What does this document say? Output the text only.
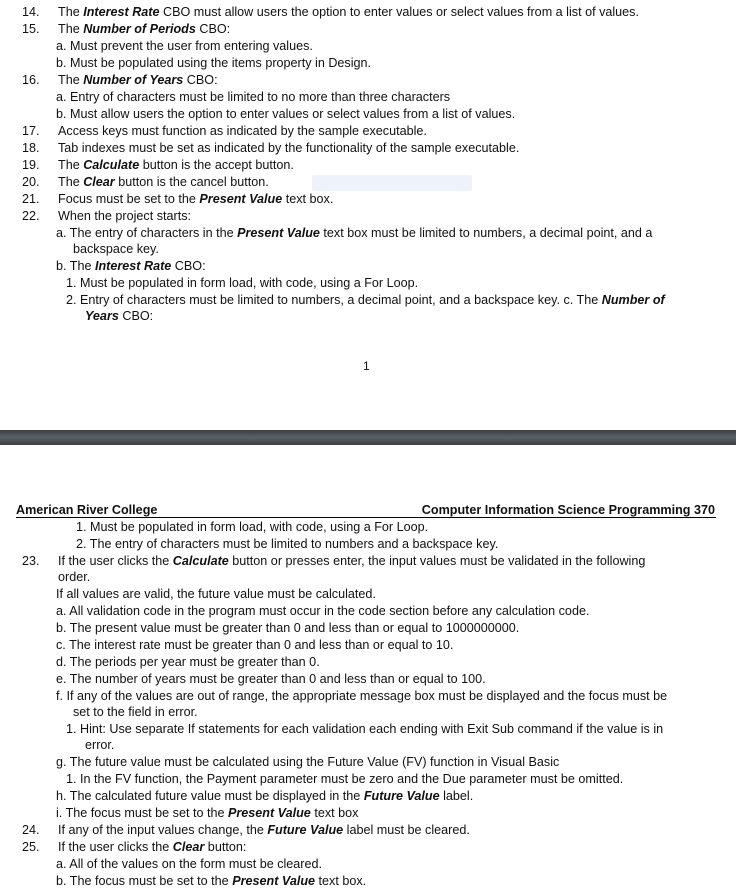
14. The Interest Rate CBO must allow users the option to enter values or select values from a list of values.
15. The Number of Periods CBO:
a. Must prevent the user from entering values.
b. Must be populated using the items property in Design.
16. The Number of Years CBO:
a. Entry of characters must be limited to no more than three characters
b. Must allow users the option to enter values or select values from a list of values.
17. Access keys must function as indicated by the sample executable.
18. Tab indexes must be set as indicated by the functionality of the sample executable.
19. The Calculate button is the accept button.
20. The Clear button is the cancel button.
21. Focus must be set to the Present Value text box.
22. When the project starts:
a. The entry of characters in the Present Value text box must be limited to numbers, a decimal point, and a
backspace key.
b. The Interest Rate CBO:
1. Must be populated in form load, with code, using a For Loop.
2. Entry of characters must be limited to numbers, a decimal point, and a backspace key. c. The Number of
Years CBO:
1
American River College	Computer Information Science Programming 370
1. Must be populated in form load, with code, using a For Loop.
2. The entry of characters must be limited to numbers and a backspace key.
23. If the user clicks the Calculate button or presses enter, the input values must be validated in the following
order.
If all values are valid, the future value must be calculated.
a. All validation code in the program must occur in the code section before any calculation code.
b. The present value must be greater than 0 and less than or equal to 1000000000.
c. The interest rate must be greater than 0 and less than or equal to 10.
d. The periods per year must be greater than 0.
e. The number of years must be greater than 0 and less than or equal to 100.
f. If any of the values are out of range, the appropriate message box must be displayed and the focus must be
set to the field in error.
1. Hint: Use separate If statements for each validation each ending with Exit Sub command if the value is in
error.
g. The future value must be calculated using the Future Value (FV) function in Visual Basic
1. In the FV function, the Payment parameter must be zero and the Due parameter must be omitted.
h. The calculated future value must be displayed in the Future Value label.
i. The focus must be set to the Present Value text box
24. If any of the input values change, the Future Value label must be cleared.
25. If the user clicks the Clear button:
a. All of the values on the form must be cleared.
b. The focus must be set to the Present Value text box.
